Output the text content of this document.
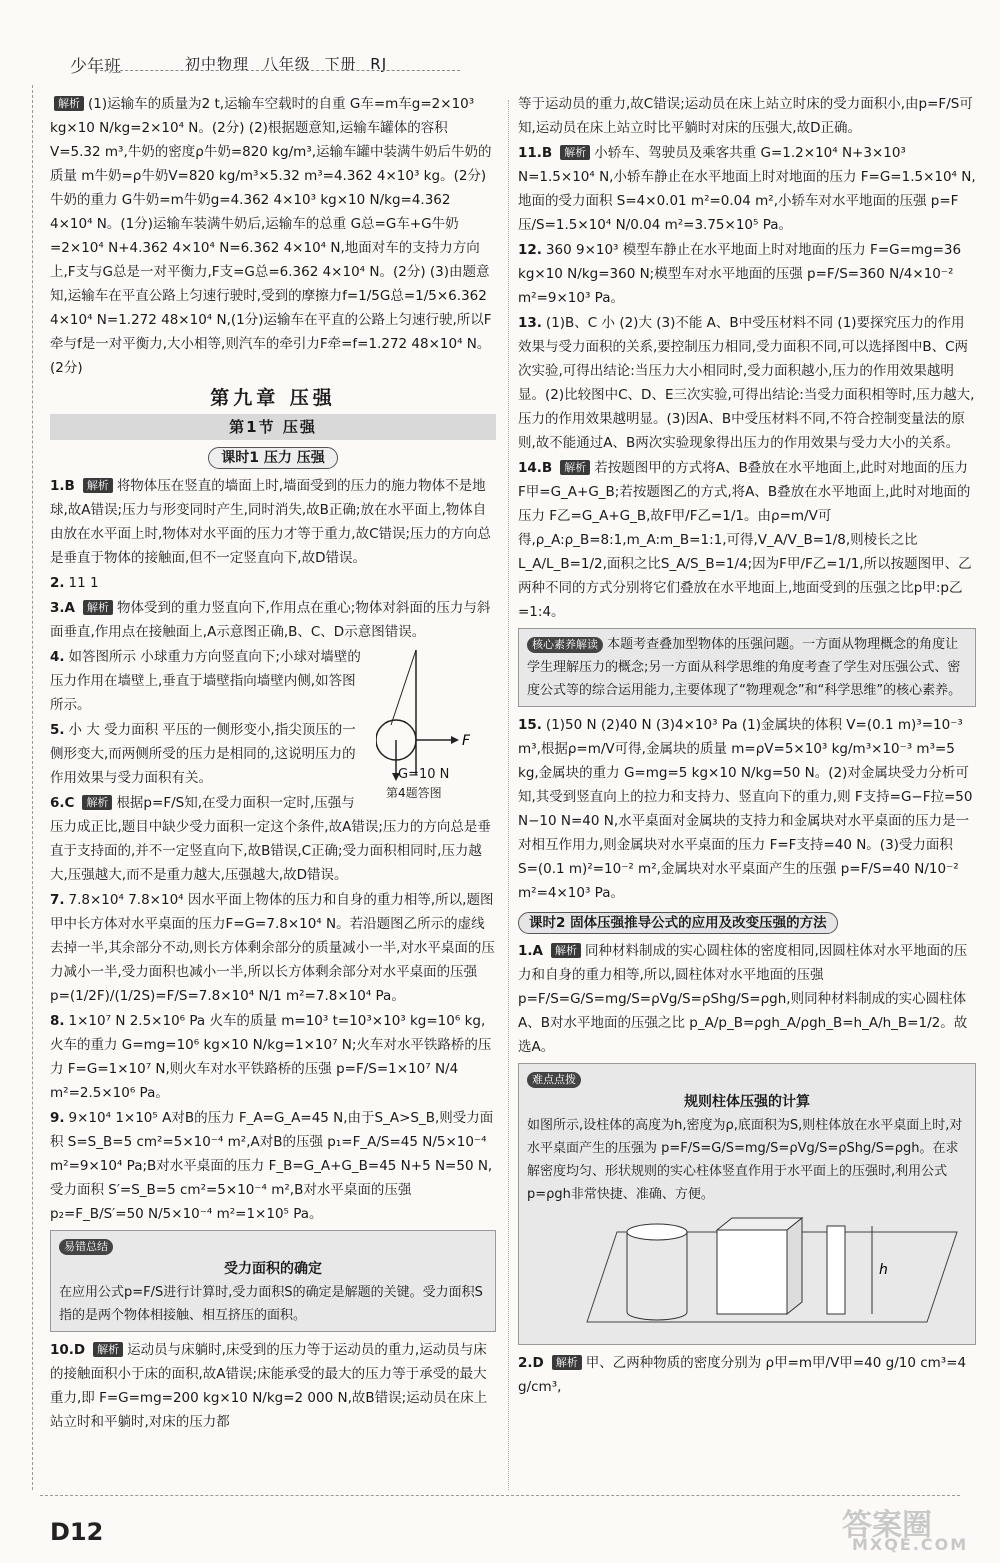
少年班	初中物理 八年级 下册 RJ
解析 (1)运输车的质量为2 t,运输车空载时的自重 G车=m车g=2×10³ kg×10 N/kg=2×10⁴ N。(2分) (2)根据题意知,运输车罐体的容积V=5.32 m³,牛奶的密度ρ牛奶=820 kg/m³,运输车罐中装满牛奶后牛奶的质量 m牛奶=ρ牛奶V=820 kg/m³×5.32 m³=4.362 4×10³ kg。(2分) 牛奶的重力 G牛奶=m牛奶g=4.362 4×10³ kg×10 N/kg=4.362 4×10⁴ N。(1分)运输车装满牛奶后,运输车的总重 G总=G车+G牛奶=2×10⁴ N+4.362 4×10⁴ N=6.362 4×10⁴ N,地面对车的支持力方向上,F支与G总是一对平衡力,F支=G总=6.362 4×10⁴ N。(2分) (3)由题意知,运输车在平直公路上匀速行驶时,受到的摩擦力f=1/5G总=1/5×6.362 4×10⁴ N=1.272 48×10⁴ N,(1分)运输车在平直的公路上匀速行驶,所以F牵与f是一对平衡力,大小相等,则汽车的牵引力F牵=f=1.272 48×10⁴ N。(2分)
第九章 压强
第1节 压强
课时1 压力 压强
1.B 解析 将物体压在竖直的墙面上时,墙面受到的压力的施力物体不是地球,故A错误;压力与形变同时产生,同时消失,故B正确;放在水平面上,物体自由放在水平面上时,物体对水平面的压力才等于重力,故C错误;压力的方向总是垂直于物体的接触面,但不一定竖直向下,故D错误。
2. 11 1
3.A 解析 物体受到的重力竖直向下,作用点在重心;物体对斜面的压力与斜面垂直,作用点在接触面上,A示意图正确,B、C、D示意图错误。
F
G=10 N
第4题答图
4. 如答图所示 小球重力方向竖直向下;小球对墙壁的压力作用在墙壁上,垂直于墙壁指向墙壁内侧,如答图所示。
5. 小 大 受力面积 平压的一侧形变小,指尖顶压的一侧形变大,而两侧所受的压力是相同的,这说明压力的作用效果与受力面积有关。
6.C 解析 根据p=F/S知,在受力面积一定时,压强与压力成正比,题目中缺少受力面积一定这个条件,故A错误;压力的方向总是垂直于支持面的,并不一定竖直向下,故B错误,C正确;受力面积相同时,压力越大,压强越大,而不是重力越大,压强越大,故D错误。
7. 7.8×10⁴ 7.8×10⁴ 因水平面上物体的压力和自身的重力相等,所以,题图甲中长方体对水平桌面的压力F=G=7.8×10⁴ N。若沿题图乙所示的虚线去掉一半,其余部分不动,则长方体剩余部分的质量减小一半,对水平桌面的压力减小一半,受力面积也减小一半,所以长方体剩余部分对水平桌面的压强 p=(1/2F)/(1/2S)=F/S=7.8×10⁴ N/1 m²=7.8×10⁴ Pa。
8. 1×10⁷ N 2.5×10⁶ Pa 火车的质量 m=10³ t=10³×10³ kg=10⁶ kg,火车的重力 G=mg=10⁶ kg×10 N/kg=1×10⁷ N;火车对水平铁路桥的压力 F=G=1×10⁷ N,则火车对水平铁路桥的压强 p=F/S=1×10⁷ N/4 m²=2.5×10⁶ Pa。
9. 9×10⁴ 1×10⁵ A对B的压力 F_A=G_A=45 N,由于S_A>S_B,则受力面积 S=S_B=5 cm²=5×10⁻⁴ m²,A对B的压强 p₁=F_A/S=45 N/5×10⁻⁴ m²=9×10⁴ Pa;B对水平桌面的压力 F_B=G_A+G_B=45 N+5 N=50 N,受力面积 S′=S_B=5 cm²=5×10⁻⁴ m²,B对水平桌面的压强 p₂=F_B/S′=50 N/5×10⁻⁴ m²=1×10⁵ Pa。
易错总结
受力面积的确定
在应用公式p=F/S进行计算时,受力面积S的确定是解题的关键。受力面积S指的是两个物体相接触、相互挤压的面积。
10.D 解析 运动员与床躺时,床受到的压力等于运动员的重力,运动员与床的接触面积小于床的面积,故A错误;床能承受的最大的压力等于承受的最大重力,即 F=G=mg=200 kg×10 N/kg=2 000 N,故B错误;运动员在床上站立时和平躺时,对床的压力都
等于运动员的重力,故C错误;运动员在床上站立时床的受力面积小,由p=F/S可知,运动员在床上站立时比平躺时对床的压强大,故D正确。
11.B 解析 小轿车、驾驶员及乘客共重 G=1.2×10⁴ N+3×10³ N=1.5×10⁴ N,小轿车静止在水平地面上时对地面的压力 F=G=1.5×10⁴ N,地面的受力面积 S=4×0.01 m²=0.04 m²,小轿车对水平地面的压强 p=F压/S=1.5×10⁴ N/0.04 m²=3.75×10⁵ Pa。
12. 360 9×10³ 模型车静止在水平地面上时对地面的压力 F=G=mg=36 kg×10 N/kg=360 N;模型车对水平地面的压强 p=F/S=360 N/4×10⁻² m²=9×10³ Pa。
13. (1)B、C 小 (2)大 (3)不能 A、B中受压材料不同 (1)要探究压力的作用效果与受力面积的关系,要控制压力相同,受力面积不同,可以选择图中B、C两次实验,可得出结论:当压力大小相同时,受力面积越小,压力的作用效果越明显。(2)比较图中C、D、E三次实验,可得出结论:当受力面积相等时,压力越大,压力的作用效果越明显。(3)因A、B中受压材料不同,不符合控制变量法的原则,故不能通过A、B两次实验现象得出压力的作用效果与受力大小的关系。
14.B 解析 若按题图甲的方式将A、B叠放在水平地面上,此时对地面的压力 F甲=G_A+G_B;若按题图乙的方式,将A、B叠放在水平地面上,此时对地面的压力 F乙=G_A+G_B,故F甲/F乙=1/1。由ρ=m/V可得,ρ_A:ρ_B=8:1,m_A:m_B=1:1,可得,V_A/V_B=1/8,则棱长之比L_A/L_B=1/2,面积之比S_A/S_B=1/4;因为F甲/F乙=1/1,所以按题图甲、乙两种不同的方式分别将它们叠放在水平地面上,地面受到的压强之比p甲:p乙=1:4。
核心素养解读 本题考查叠加型物体的压强问题。一方面从物理概念的角度让学生理解压力的概念;另一方面从科学思维的角度考查了学生对压强公式、密度公式等的综合运用能力,主要体现了“物理观念”和“科学思维”的核心素养。
15. (1)50 N (2)40 N (3)4×10³ Pa (1)金属块的体积 V=(0.1 m)³=10⁻³ m³,根据ρ=m/V可得,金属块的质量 m=ρV=5×10³ kg/m³×10⁻³ m³=5 kg,金属块的重力 G=mg=5 kg×10 N/kg=50 N。(2)对金属块受力分析可知,其受到竖直向上的拉力和支持力、竖直向下的重力,则 F支持=G−F拉=50 N−10 N=40 N,水平桌面对金属块的支持力和金属块对水平桌面的压力是一对相互作用力,则金属块对水平桌面的压力 F=F支持=40 N。(3)受力面积 S=(0.1 m)²=10⁻² m²,金属块对水平桌面产生的压强 p=F/S=40 N/10⁻² m²=4×10³ Pa。
课时2 固体压强推导公式的应用及改变压强的方法
1.A 解析 同种材料制成的实心圆柱体的密度相同,因圆柱体对水平地面的压力和自身的重力相等,所以,圆柱体对水平地面的压强 p=F/S=G/S=mg/S=ρVg/S=ρShg/S=ρgh,则同种材料制成的实心圆柱体A、B对水平地面的压强之比 p_A/p_B=ρgh_A/ρgh_B=h_A/h_B=1/2。故选A。
难点点拨
规则柱体压强的计算
如图所示,设柱体的高度为h,密度为ρ,底面积为S,则柱体放在水平桌面上时,对水平桌面产生的压强为 p=F/S=G/S=mg/S=ρVg/S=ρShg/S=ρgh。在求解密度均匀、形状规则的实心柱体竖直作用于水平面上的压强时,利用公式p=ρgh非常快捷、准确、方便。
h
2.D 解析 甲、乙两种物质的密度分别为 ρ甲=m甲/V甲=40 g/10 cm³=4 g/cm³,
D12	答案圈
MXQE.COM
